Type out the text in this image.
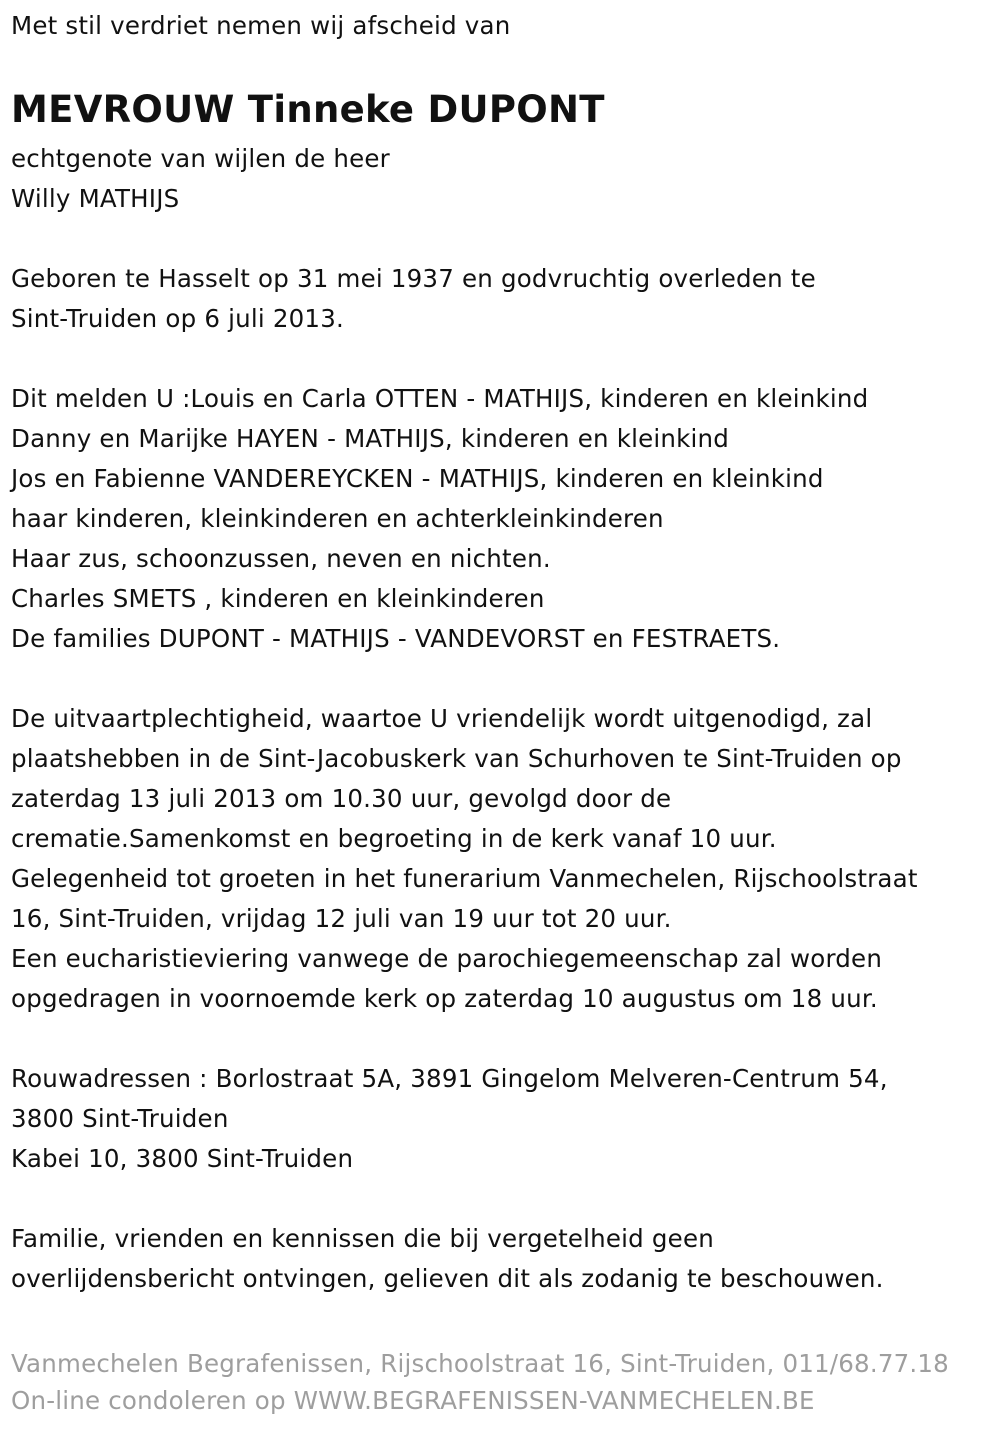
Met stil verdriet nemen wij afscheid van
MEVROUW Tinneke DUPONT
echtgenote van wijlen de heer
Willy MATHIJS
Geboren te Hasselt op 31 mei 1937 en godvruchtig overleden te
Sint-Truiden op 6 juli 2013.
Dit melden U :Louis en Carla OTTEN - MATHIJS, kinderen en kleinkind
Danny en Marijke HAYEN - MATHIJS, kinderen en kleinkind
Jos en Fabienne VANDEREYCKEN - MATHIJS, kinderen en kleinkind
haar kinderen, kleinkinderen en achterkleinkinderen
Haar zus, schoonzussen, neven en nichten.
Charles SMETS , kinderen en kleinkinderen
De families DUPONT - MATHIJS - VANDEVORST en FESTRAETS.
De uitvaartplechtigheid, waartoe U vriendelijk wordt uitgenodigd, zal
plaatshebben in de Sint-Jacobuskerk van Schurhoven te Sint-Truiden op
zaterdag 13 juli 2013 om 10.30 uur, gevolgd door de
crematie.Samenkomst en begroeting in de kerk vanaf 10 uur.
Gelegenheid tot groeten in het funerarium Vanmechelen, Rijschoolstraat
16, Sint-Truiden, vrijdag 12 juli van 19 uur tot 20 uur.
Een eucharistieviering vanwege de parochiegemeenschap zal worden
opgedragen in voornoemde kerk op zaterdag 10 augustus om 18 uur.
Rouwadressen : Borlostraat 5A, 3891 Gingelom Melveren-Centrum 54,
3800 Sint-Truiden
Kabei 10, 3800 Sint-Truiden
Familie, vrienden en kennissen die bij vergetelheid geen
overlijdensbericht ontvingen, gelieven dit als zodanig te beschouwen.
Vanmechelen Begrafenissen, Rijschoolstraat 16, Sint-Truiden, 011/68.77.18
On-line condoleren op WWW.BEGRAFENISSEN-VANMECHELEN.BE
